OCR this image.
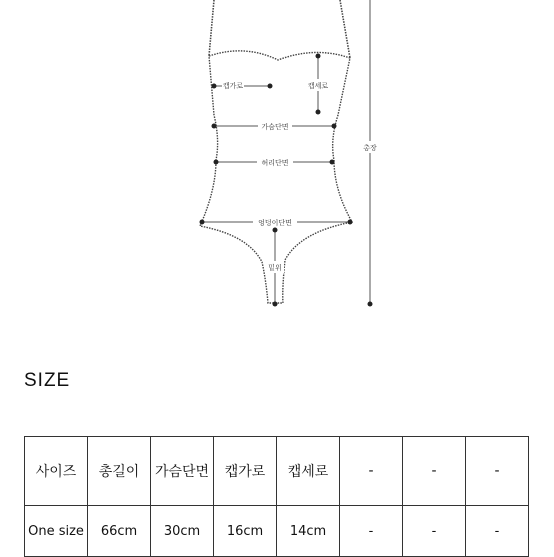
캡가로	캡세로
가슴단면
허리단면
엉덩이단면
밑위
총장
SIZE
사이즈	총길이	가슴단면	캡가로	캡세로	-	-	-
One size	66cm	30cm	16cm	14cm	-	-	-
